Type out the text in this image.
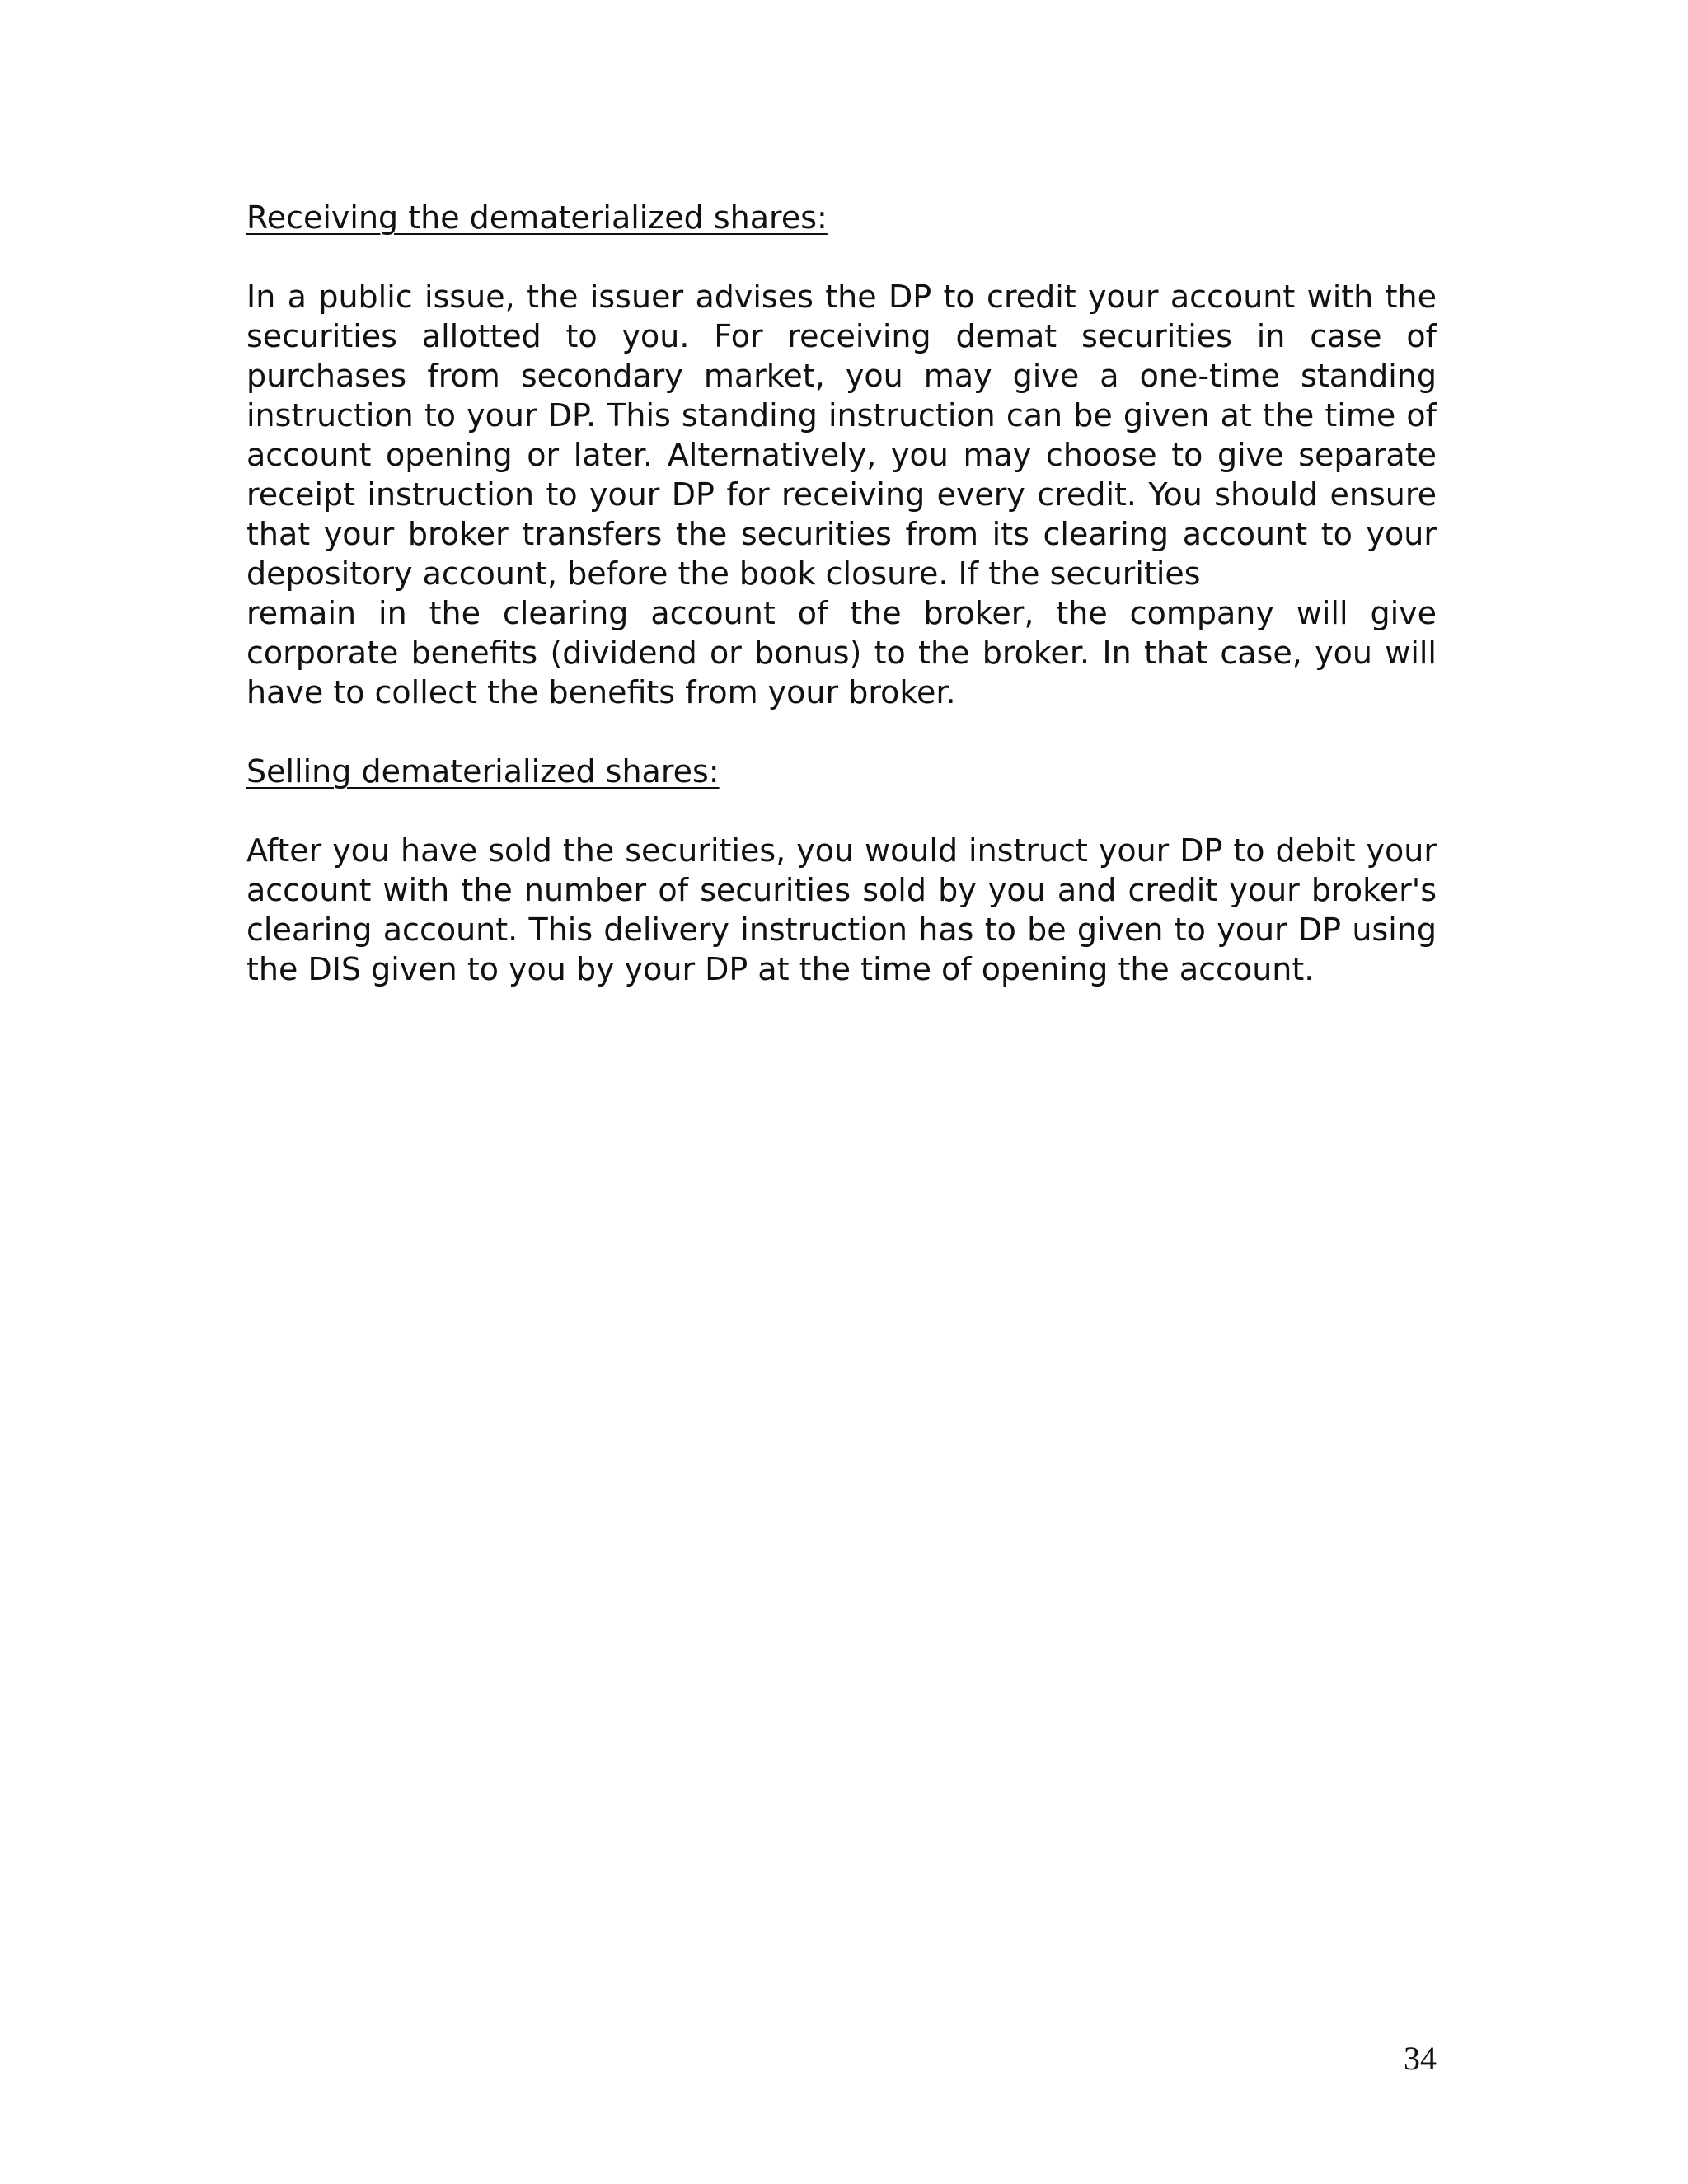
Receiving the dematerialized shares:

In a public issue, the issuer advises the DP to credit your account with the securities allotted to you. For receiving demat securities in case of purchases from secondary market, you may give a one-time standing instruction to your DP. This standing instruction can be given at the time of account opening or later. Alternatively, you may choose to give separate receipt instruction to your DP for receiving every credit. You should ensure that your broker transfers the securities from its clearing account to your depository account, before the book closure. If the securities

remain in the clearing account of the broker, the company will give corporate benefits (dividend or bonus) to the broker. In that case, you will have to collect the benefits from your broker.

Selling dematerialized shares:

After you have sold the securities, you would instruct your DP to debit your account with the number of securities sold by you and credit your broker's clearing account. This delivery instruction has to be given to your DP using the DIS given to you by your DP at the time of opening the account.

34
